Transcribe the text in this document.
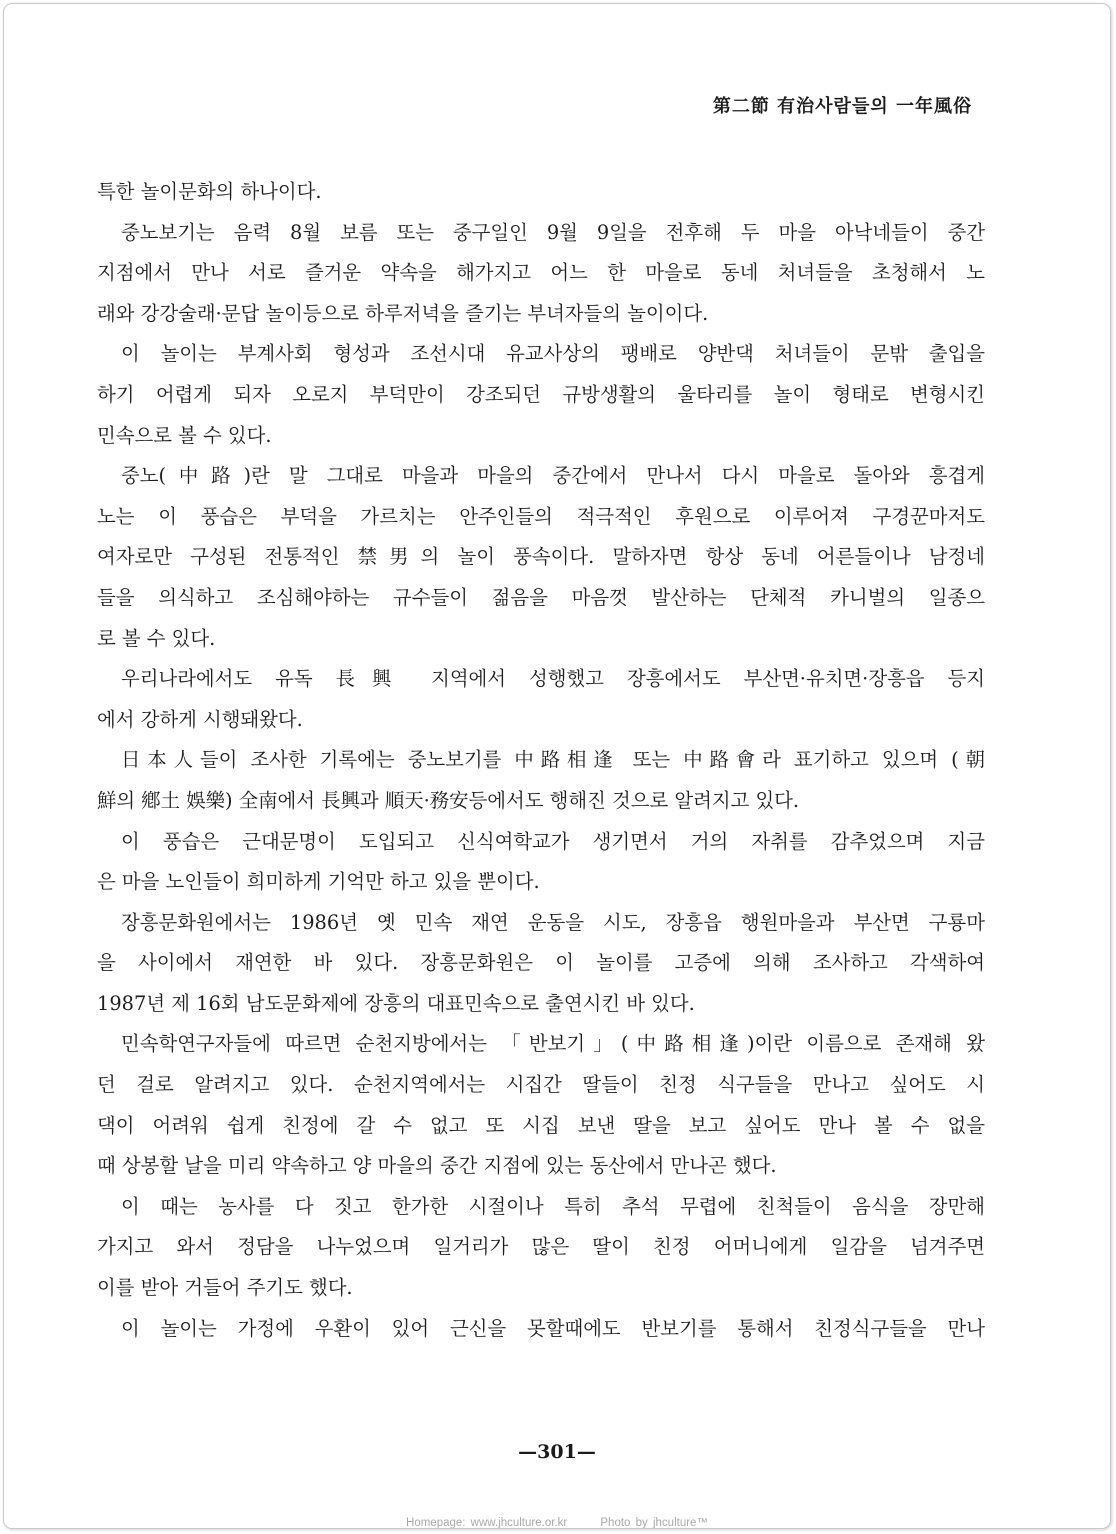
第二節 有治사람들의 一年風俗
특한 놀이문화의 하나이다.
중노보기는 음력 8월 보름 또는 중구일인 9월 9일을 전후해 두 마을 아낙네들이 중간
지점에서 만나 서로 즐거운 약속을 해가지고 어느 한 마을로 동네 처녀들을 초청해서 노
래와 강강술래·문답 놀이등으로 하루저녁을 즐기는 부녀자들의 놀이이다.
이 놀이는 부계사회 형성과 조선시대 유교사상의 팽배로 양반댁 처녀들이 문밖 출입을
하기 어렵게 되자 오로지 부덕만이 강조되던 규방생활의 울타리를 놀이 형태로 변형시킨
민속으로 볼 수 있다.
중노(中路)란 말 그대로 마을과 마을의 중간에서 만나서 다시 마을로 돌아와 흥겹게
노는 이 풍습은 부덕을 가르치는 안주인들의 적극적인 후원으로 이루어져 구경꾼마저도
여자로만 구성된 전통적인 禁男의 놀이 풍속이다. 말하자면 항상 동네 어른들이나 남정네
들을 의식하고 조심해야하는 규수들이 젊음을 마음껏 발산하는 단체적 카니벌의 일종으
로 볼 수 있다.
우리나라에서도 유독 長興 지역에서 성행했고 장흥에서도 부산면·유치면·장흥읍 등지
에서 강하게 시행돼왔다.
日本人들이 조사한 기록에는 중노보기를 中路相逢 또는 中路會라 표기하고 있으며 (朝
鮮의 鄕土 娛樂) 全南에서 長興과 順天·務安등에서도 행해진 것으로 알려지고 있다.
이 풍습은 근대문명이 도입되고 신식여학교가 생기면서 거의 자취를 감추었으며 지금
은 마을 노인들이 희미하게 기억만 하고 있을 뿐이다.
장흥문화원에서는 1986년 옛 민속 재연 운동을 시도, 장흥읍 행원마을과 부산면 구룡마
을 사이에서 재연한 바 있다. 장흥문화원은 이 놀이를 고증에 의해 조사하고 각색하여
1987년 제 16회 남도문화제에 장흥의 대표민속으로 출연시킨 바 있다.
민속학연구자들에 따르면 순천지방에서는 「반보기」(中路相逢)이란 이름으로 존재해 왔
던 걸로 알려지고 있다. 순천지역에서는 시집간 딸들이 친정 식구들을 만나고 싶어도 시
댁이 어려워 쉽게 친정에 갈 수 없고 또 시집 보낸 딸을 보고 싶어도 만나 볼 수 없을
때 상봉할 날을 미리 약속하고 양 마을의 중간 지점에 있는 동산에서 만나곤 했다.
이 때는 농사를 다 짓고 한가한 시절이나 특히 추석 무렵에 친척들이 음식을 장만해
가지고 와서 정담을 나누었으며 일거리가 많은 딸이 친정 어머니에게 일감을 넘겨주면
이를 받아 거들어 주기도 했다.
이 놀이는 가정에 우환이 있어 근신을 못할때에도 반보기를 통해서 친정식구들을 만나
—301—
Homepage: www.jhculture.or.kr	Photo by jhculture™
